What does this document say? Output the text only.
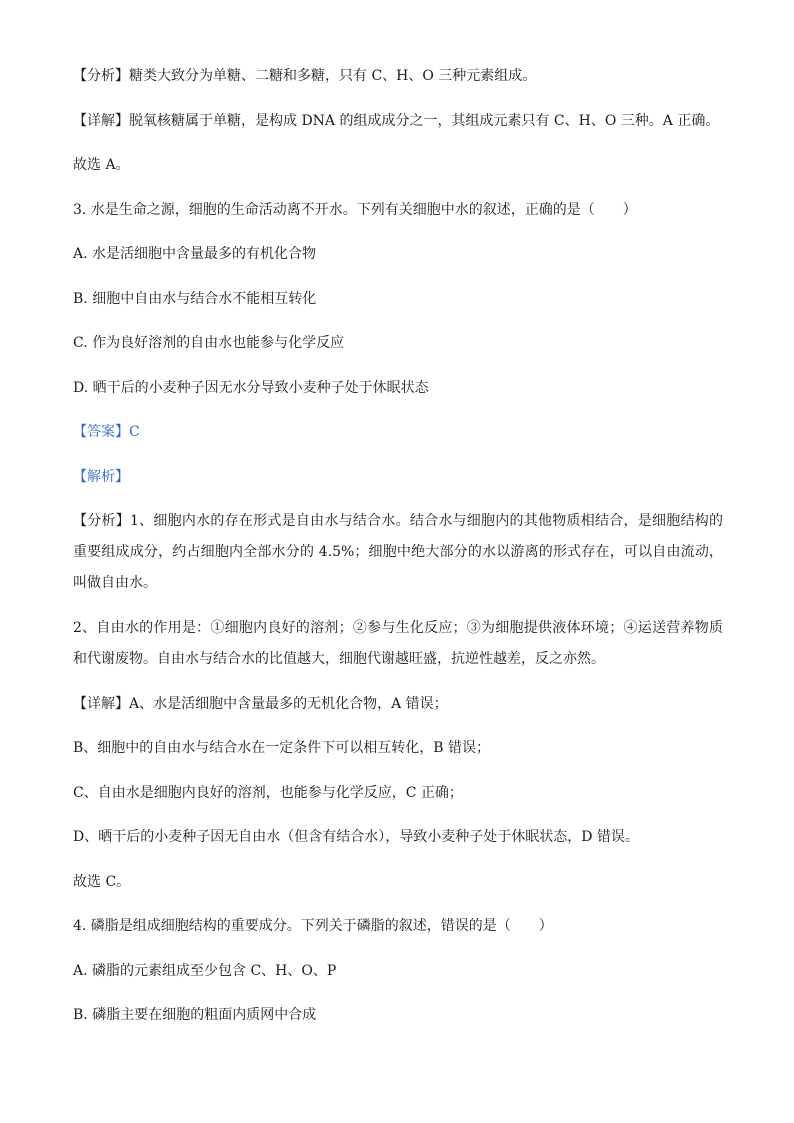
【分析】糖类大致分为单糖、二糖和多糖，只有 C、H、O 三种元素组成。
【详解】脱氧核糖属于单糖，是构成 DNA 的组成成分之一，其组成元素只有 C、H、O 三种。A 正确。
故选 A。
3. 水是生命之源，细胞的生命活动离不开水。下列有关细胞中水的叙述，正确的是（　　）
A. 水是活细胞中含量最多的有机化合物
B. 细胞中自由水与结合水不能相互转化
C. 作为良好溶剂的自由水也能参与化学反应
D. 晒干后的小麦种子因无水分导致小麦种子处于休眠状态
【答案】C
【解析】
【分析】1、细胞内水的存在形式是自由水与结合水。结合水与细胞内的其他物质相结合，是细胞结构的重要组成成分，约占细胞内全部水分的 4.5%；细胞中绝大部分的水以游离的形式存在，可以自由流动，叫做自由水。
2、自由水的作用是：①细胞内良好的溶剂；②参与生化反应；③为细胞提供液体环境；④运送营养物质和代谢废物。自由水与结合水的比值越大，细胞代谢越旺盛，抗逆性越差，反之亦然。
【详解】A、水是活细胞中含量最多的无机化合物，A 错误；
B、细胞中的自由水与结合水在一定条件下可以相互转化，B 错误；
C、自由水是细胞内良好的溶剂，也能参与化学反应，C 正确；
D、晒干后的小麦种子因无自由水（但含有结合水），导致小麦种子处于休眠状态，D 错误。
故选 C。
4. 磷脂是组成细胞结构的重要成分。下列关于磷脂的叙述，错误的是（　　）
A. 磷脂的元素组成至少包含 C、H、O、P
B. 磷脂主要在细胞的粗面内质网中合成
